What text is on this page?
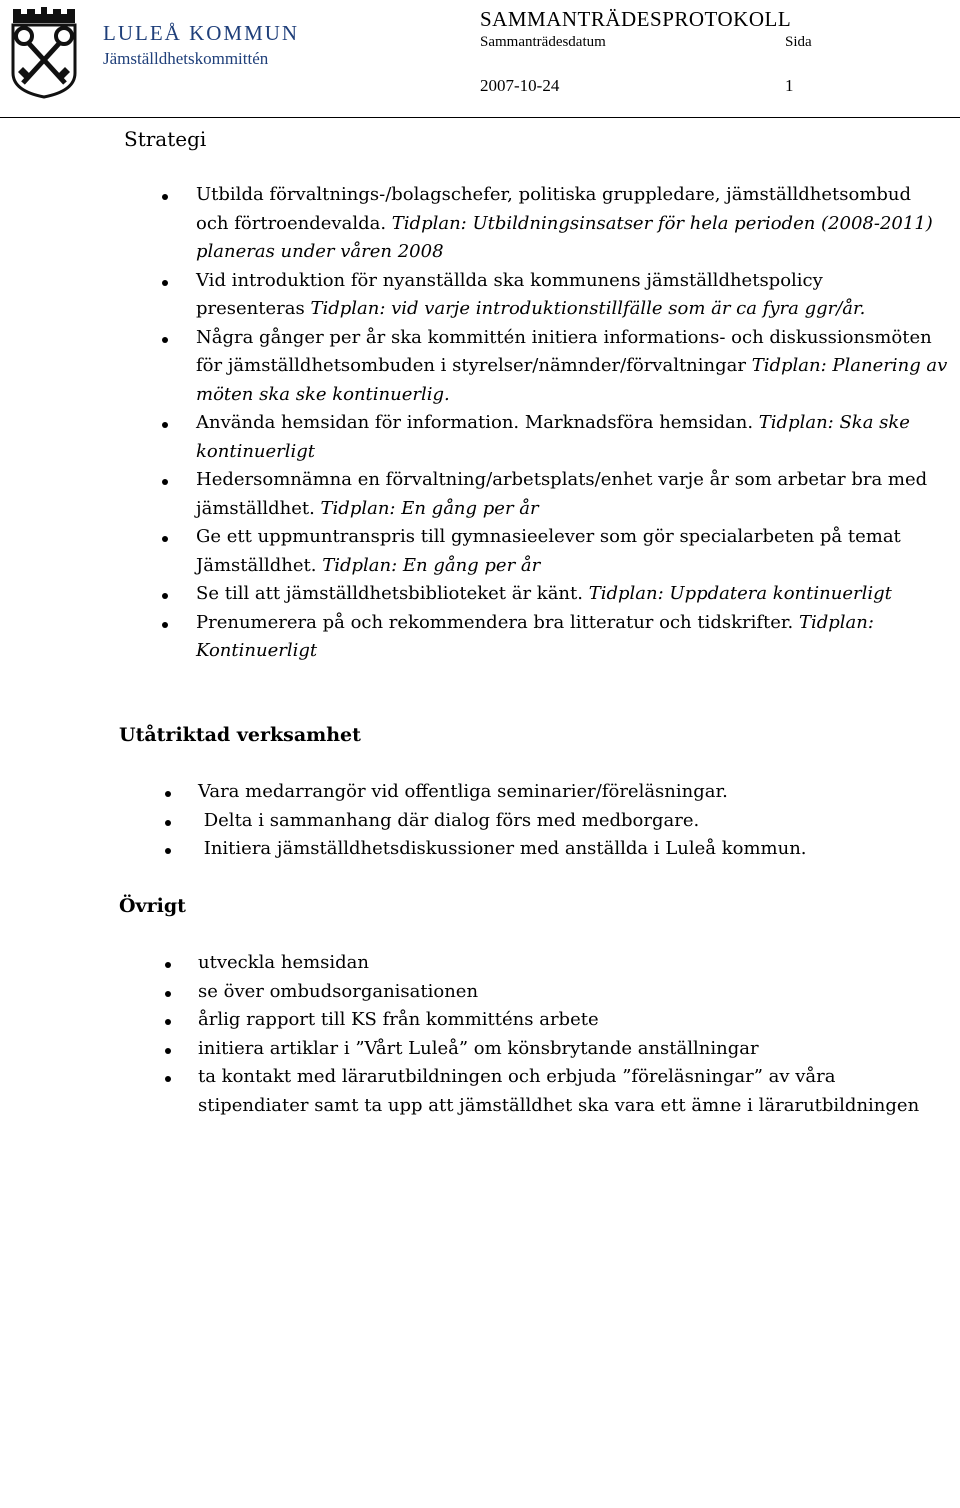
LULEÅ KOMMUN
Jämställdhetskommittén
SAMMANTRÄDESPROTOKOLL
Sammanträdesdatum	Sida
2007-10-24	1
Strategi
Utbilda förvaltnings-/bolagschefer, politiska gruppledare, jämställdhetsombud
och förtroendevalda. Tidplan: Utbildningsinsatser för hela perioden (2008-2011)
planeras under våren 2008
Vid introduktion för nyanställda ska kommunens jämställdhetspolicy
presenteras Tidplan: vid varje introduktionstillfälle som är ca fyra ggr/år.
Några gånger per år ska kommittén initiera informations- och diskussionsmöten
för jämställdhetsombuden i styrelser/nämnder/förvaltningar Tidplan: Planering av
möten ska ske kontinuerlig.
Använda hemsidan för information. Marknadsföra hemsidan. Tidplan: Ska ske
kontinuerligt
Hedersomnämna en förvaltning/arbetsplats/enhet varje år som arbetar bra med
jämställdhet. Tidplan: En gång per år
Ge ett uppmuntranspris till gymnasieelever som gör specialarbeten på temat
Jämställdhet. Tidplan: En gång per år
Se till att jämställdhetsbiblioteket är känt. Tidplan: Uppdatera kontinuerligt
Prenumerera på och rekommendera bra litteratur och tidskrifter. Tidplan:
Kontinuerligt
Utåtriktad verksamhet
Vara medarrangör vid offentliga seminarier/föreläsningar.
Delta i sammanhang där dialog förs med medborgare.
Initiera jämställdhetsdiskussioner med anställda i Luleå kommun.
Övrigt
utveckla hemsidan
se över ombudsorganisationen
årlig rapport till KS från kommitténs arbete
initiera artiklar i ”Vårt Luleå” om könsbrytande anställningar
ta kontakt med lärarutbildningen och erbjuda ”föreläsningar” av våra
stipendiater samt ta upp att jämställdhet ska vara ett ämne i lärarutbildningen
